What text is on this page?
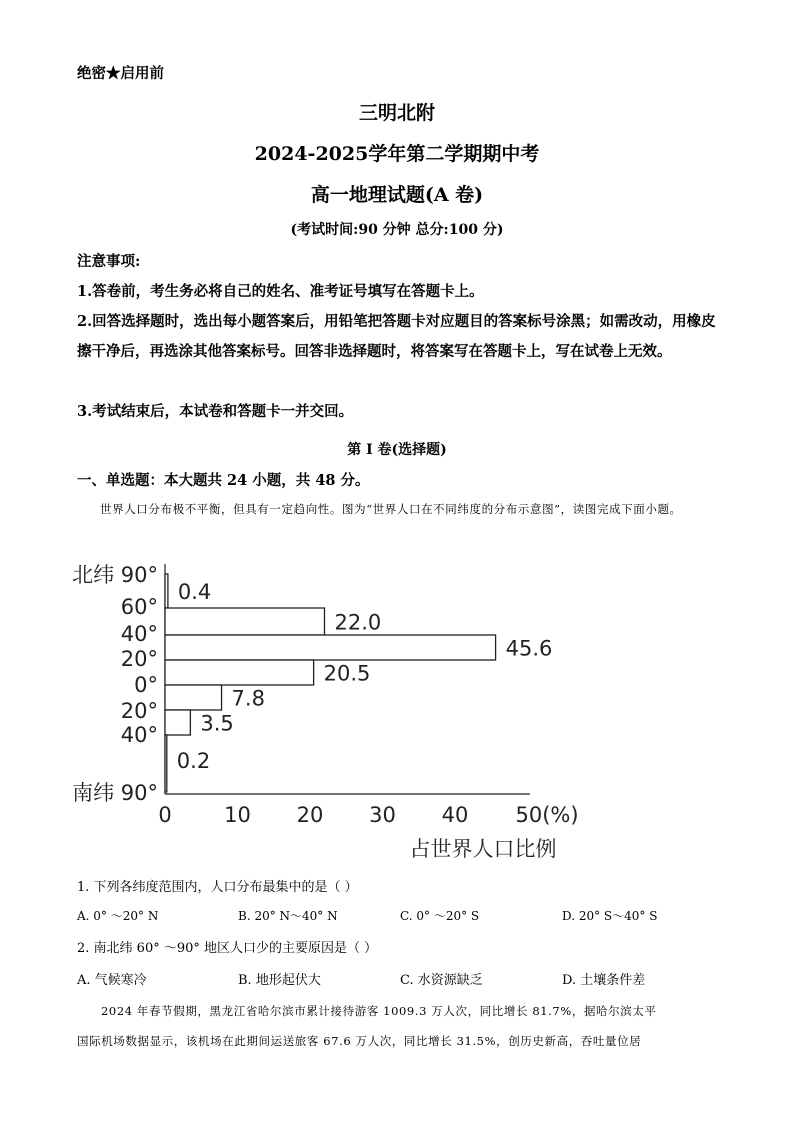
绝密★启用前
三明北附
2024-2025学年第二学期期中考
高一地理试题(A 卷)
(考试时间:90 分钟 总分:100 分)
注意事项:
1.答卷前，考生务必将自己的姓名、准考证号填写在答题卡上。
2.回答选择题时，选出每小题答案后，用铅笔把答题卡对应题目的答案标号涂黑；如需改动，用橡皮擦干净后，再选涂其他答案标号。回答非选择题时，将答案写在答题卡上，写在试卷上无效。
3.考试结束后，本试卷和答题卡一并交回。
第 I 卷(选择题)
一、单选题：本大题共 24 小题，共 48 分。
世界人口分布极不平衡，但具有一定趋向性。图为“世界人口在不同纬度的分布示意图”，读图完成下面小题。
0.4
22.0
45.6
20.5
7.8
3.5
0.2
北纬 90°
60°
40°
20°
0°
20°
40°
南纬 90°
0 10 20 30 40 50(%)
占世界人口比例
1. 下列各纬度范围内，人口分布最集中的是（ ）
A. 0° ～20° N	B. 20° N～40° N	C. 0° ～20° S	D. 20° S～40° S
2. 南北纬 60° ～90° 地区人口少的主要原因是（ ）
A. 气候寒冷	B. 地形起伏大	C. 水资源缺乏	D. 土壤条件差
2024 年春节假期，黑龙江省哈尔滨市累计接待游客 1009.3 万人次，同比增长 81.7%，据哈尔滨太平
国际机场数据显示，该机场在此期间运送旅客 67.6 万人次，同比增长 31.5%，创历史新高，吞吐量位居
